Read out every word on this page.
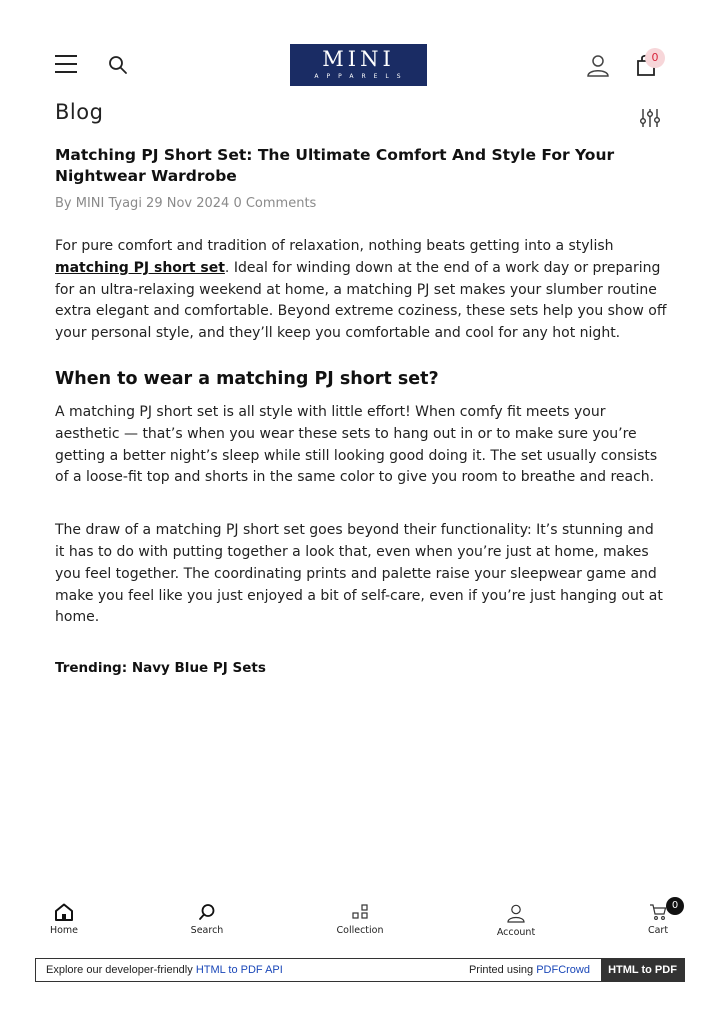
MINI
APPARELS
0
Blog
Matching PJ Short Set: The Ultimate Comfort And Style For Your Nightwear Wardrobe
By MINI Tyagi 29 Nov 2024 0 Comments

For pure comfort and tradition of relaxation, nothing beats getting into a stylish matching PJ short set. Ideal for winding down at the end of a work day or preparing for an ultra-relaxing weekend at home, a matching PJ set makes your slumber routine extra elegant and comfortable. Beyond extreme coziness, these sets help you show off your personal style, and they’ll keep you comfortable and cool for any hot night.

When to wear a matching PJ short set?

A matching PJ short set is all style with little effort! When comfy fit meets your aesthetic — that’s when you wear these sets to hang out in or to make sure you’re getting a better night’s sleep while still looking good doing it. The set usually consists of a loose-fit top and shorts in the same color to give you room to breathe and reach.

The draw of a matching PJ short set goes beyond their functionality: It’s stunning and it has to do with putting together a look that, even when you’re just at home, makes you feel together. The coordinating prints and palette raise your sleepwear game and make you feel like you just enjoyed a bit of self-care, even if you’re just hanging out at home.

Trending: Navy Blue PJ Sets
Home	Search	Collection	Account	Cart
0
Explore our developer-friendly HTML to PDF API	Printed using PDFCrowd	HTML to PDF
